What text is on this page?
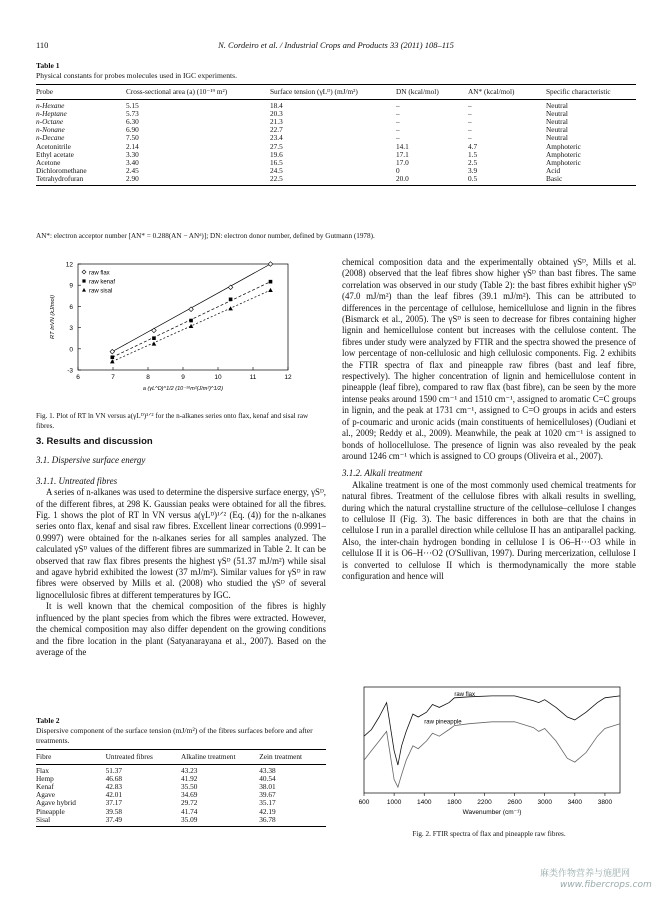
110	N. Cordeiro et al. / Industrial Crops and Products 33 (2011) 108–115
Table 1
Physical constants for probes molecules used in IGC experiments.
Probe	Cross-sectional area (a) (10⁻¹⁹ m²)	Surface tension (γLᴰ) (mJ/m²)	DN (kcal/mol)	AN* (kcal/mol)	Specific characteristic
n-Hexane	5.15	18.4	–	–	Neutral
n-Heptane	5.73	20.3	–	–	Neutral
n-Octane	6.30	21.3	–	–	Neutral
n-Nonane	6.90	22.7	–	–	Neutral
n-Decane	7.50	23.4	–	–	Neutral
Acetonitrile	2.14	27.5	14.1	4.7	Amphoteric
Ethyl acetate	3.30	19.6	17.1	1.5	Amphoteric
Acetone	3.40	16.5	17.0	2.5	Amphoteric
Dichloromethane	2.45	24.5	0	3.9	Acid
Tetrahydrofuran	2.90	22.5	20.0	0.5	Basic
AN*: electron acceptor number [AN* = 0.288(AN − ANᵈ)]; DN: electron donor number, defined by Gutmann (1978).
-3
0
3
6
9
12
6	7	8	9	10	11	12
a (γL^D)^1/2 (10⁻¹⁶m²(J/m²)^1/2)
RT lnVN (kJ/mol)
raw flax
raw kenaf
raw sisal
Fig. 1. Plot of RT ln VN versus a(γLᴰ)¹ᐟ² for the n-alkanes series onto flax, kenaf and sisal raw fibres.
3. Results and discussion
3.1. Dispersive surface energy
3.1.1. Untreated fibres

A series of n-alkanes was used to determine the dispersive surface energy, γSᴰ, of the different fibres, at 298 K. Gaussian peaks were obtained for all the fibres. Fig. 1 shows the plot of RT ln VN versus a(γLᴰ)¹ᐟ² (Eq. (4)) for the n-alkanes series onto flax, kenaf and sisal raw fibres. Excellent linear corrections (0.9991–0.9997) were obtained for the n-alkanes series for all samples analyzed. The calculated γSᴰ values of the different fibres are summarized in Table 2. It can be observed that raw flax fibres presents the highest γSᴰ (51.37 mJ/m²) while sisal and agave hybrid exhibited the lowest (37 mJ/m²). Similar values for γSᴰ in raw fibres were observed by Mills et al. (2008) who studied the γSᴰ of several lignocellulosic fibres at different temperatures by IGC.

It is well known that the chemical composition of the fibres is highly influenced by the plant species from which the fibres were extracted. However, the chemical composition may also differ dependent on the growing conditions and the fibre location in the plant (Satyanarayana et al., 2007). Based on the average of the

Table 2
Dispersive component of the surface tension (mJ/m²) of the fibres surfaces before and after treatments.
Fibre	Untreated fibres	Alkaline treatment	Zein treatment
Flax	51.37	43.23	43.38
Hemp	46.68	41.92	40.54
Kenaf	42.83	35.50	38.01
Agave	42.01	34.69	39.67
Agave hybrid	37.17	29.72	35.17
Pineapple	39.58	41.74	42.19
Sisal	37.49	35.09	36.78

chemical composition data and the experimentally obtained γSᴰ, Mills et al. (2008) observed that the leaf fibres show higher γSᴰ than bast fibres. The same correlation was observed in our study (Table 2): the bast fibres exhibit higher γSᴰ (47.0 mJ/m²) than the leaf fibres (39.1 mJ/m²). This can be attributed to differences in the percentage of cellulose, hemicellulose and lignin in the fibres (Bismarck et al., 2005). The γSᴰ is seen to decrease for fibres containing higher lignin and hemicellulose content but increases with the cellulose content. The fibres under study were analyzed by FTIR and the spectra showed the presence of low percentage of non-cellulosic and high cellulosic components. Fig. 2 exhibits the FTIR spectra of flax and pineapple raw fibres (bast and leaf fibre, respectively). The higher concentration of lignin and hemicellulose content in pineapple (leaf fibre), compared to raw flax (bast fibre), can be seen by the more intense peaks around 1590 cm⁻¹ and 1510 cm⁻¹, assigned to aromatic C=C groups in lignin, and the peak at 1731 cm⁻¹, assigned to C=O groups in acids and esters of p-coumaric and uronic acids (main constituents of hemicelluloses) (Oudiani et al., 2009; Reddy et al., 2009). Meanwhile, the peak at 1020 cm⁻¹ is assigned to bonds of hollocellulose. The presence of lignin was also revealed by the peak around 1246 cm⁻¹ which is assigned to CO groups (Oliveira et al., 2007).

3.1.2. Alkali treatment

Alkaline treatment is one of the most commonly used chemical treatments for natural fibres. Treatment of the cellulose fibres with alkali results in swelling, during which the natural crystalline structure of the cellulose–cellulose I changes to cellulose II (Fig. 3). The basic differences in both are that the chains in cellulose I run in a parallel direction while cellulose II has an antiparallel packing. Also, the inter-chain hydrogen bonding in cellulose I is O6–H···O3 while in cellulose II it is O6–H···O2 (O'Sullivan, 1997). During mercerization, cellulose I is converted to cellulose II which is thermodynamically the more stable configuration and hence will

600	1000 1400 1800 2200 2600 3000 3400 3800
Wavenumber (cm⁻¹)
raw flax
raw pineapple
Fig. 2. FTIR spectra of flax and pineapple raw fibres.
麻类作物营养与施肥网
www.fibercrops.com
